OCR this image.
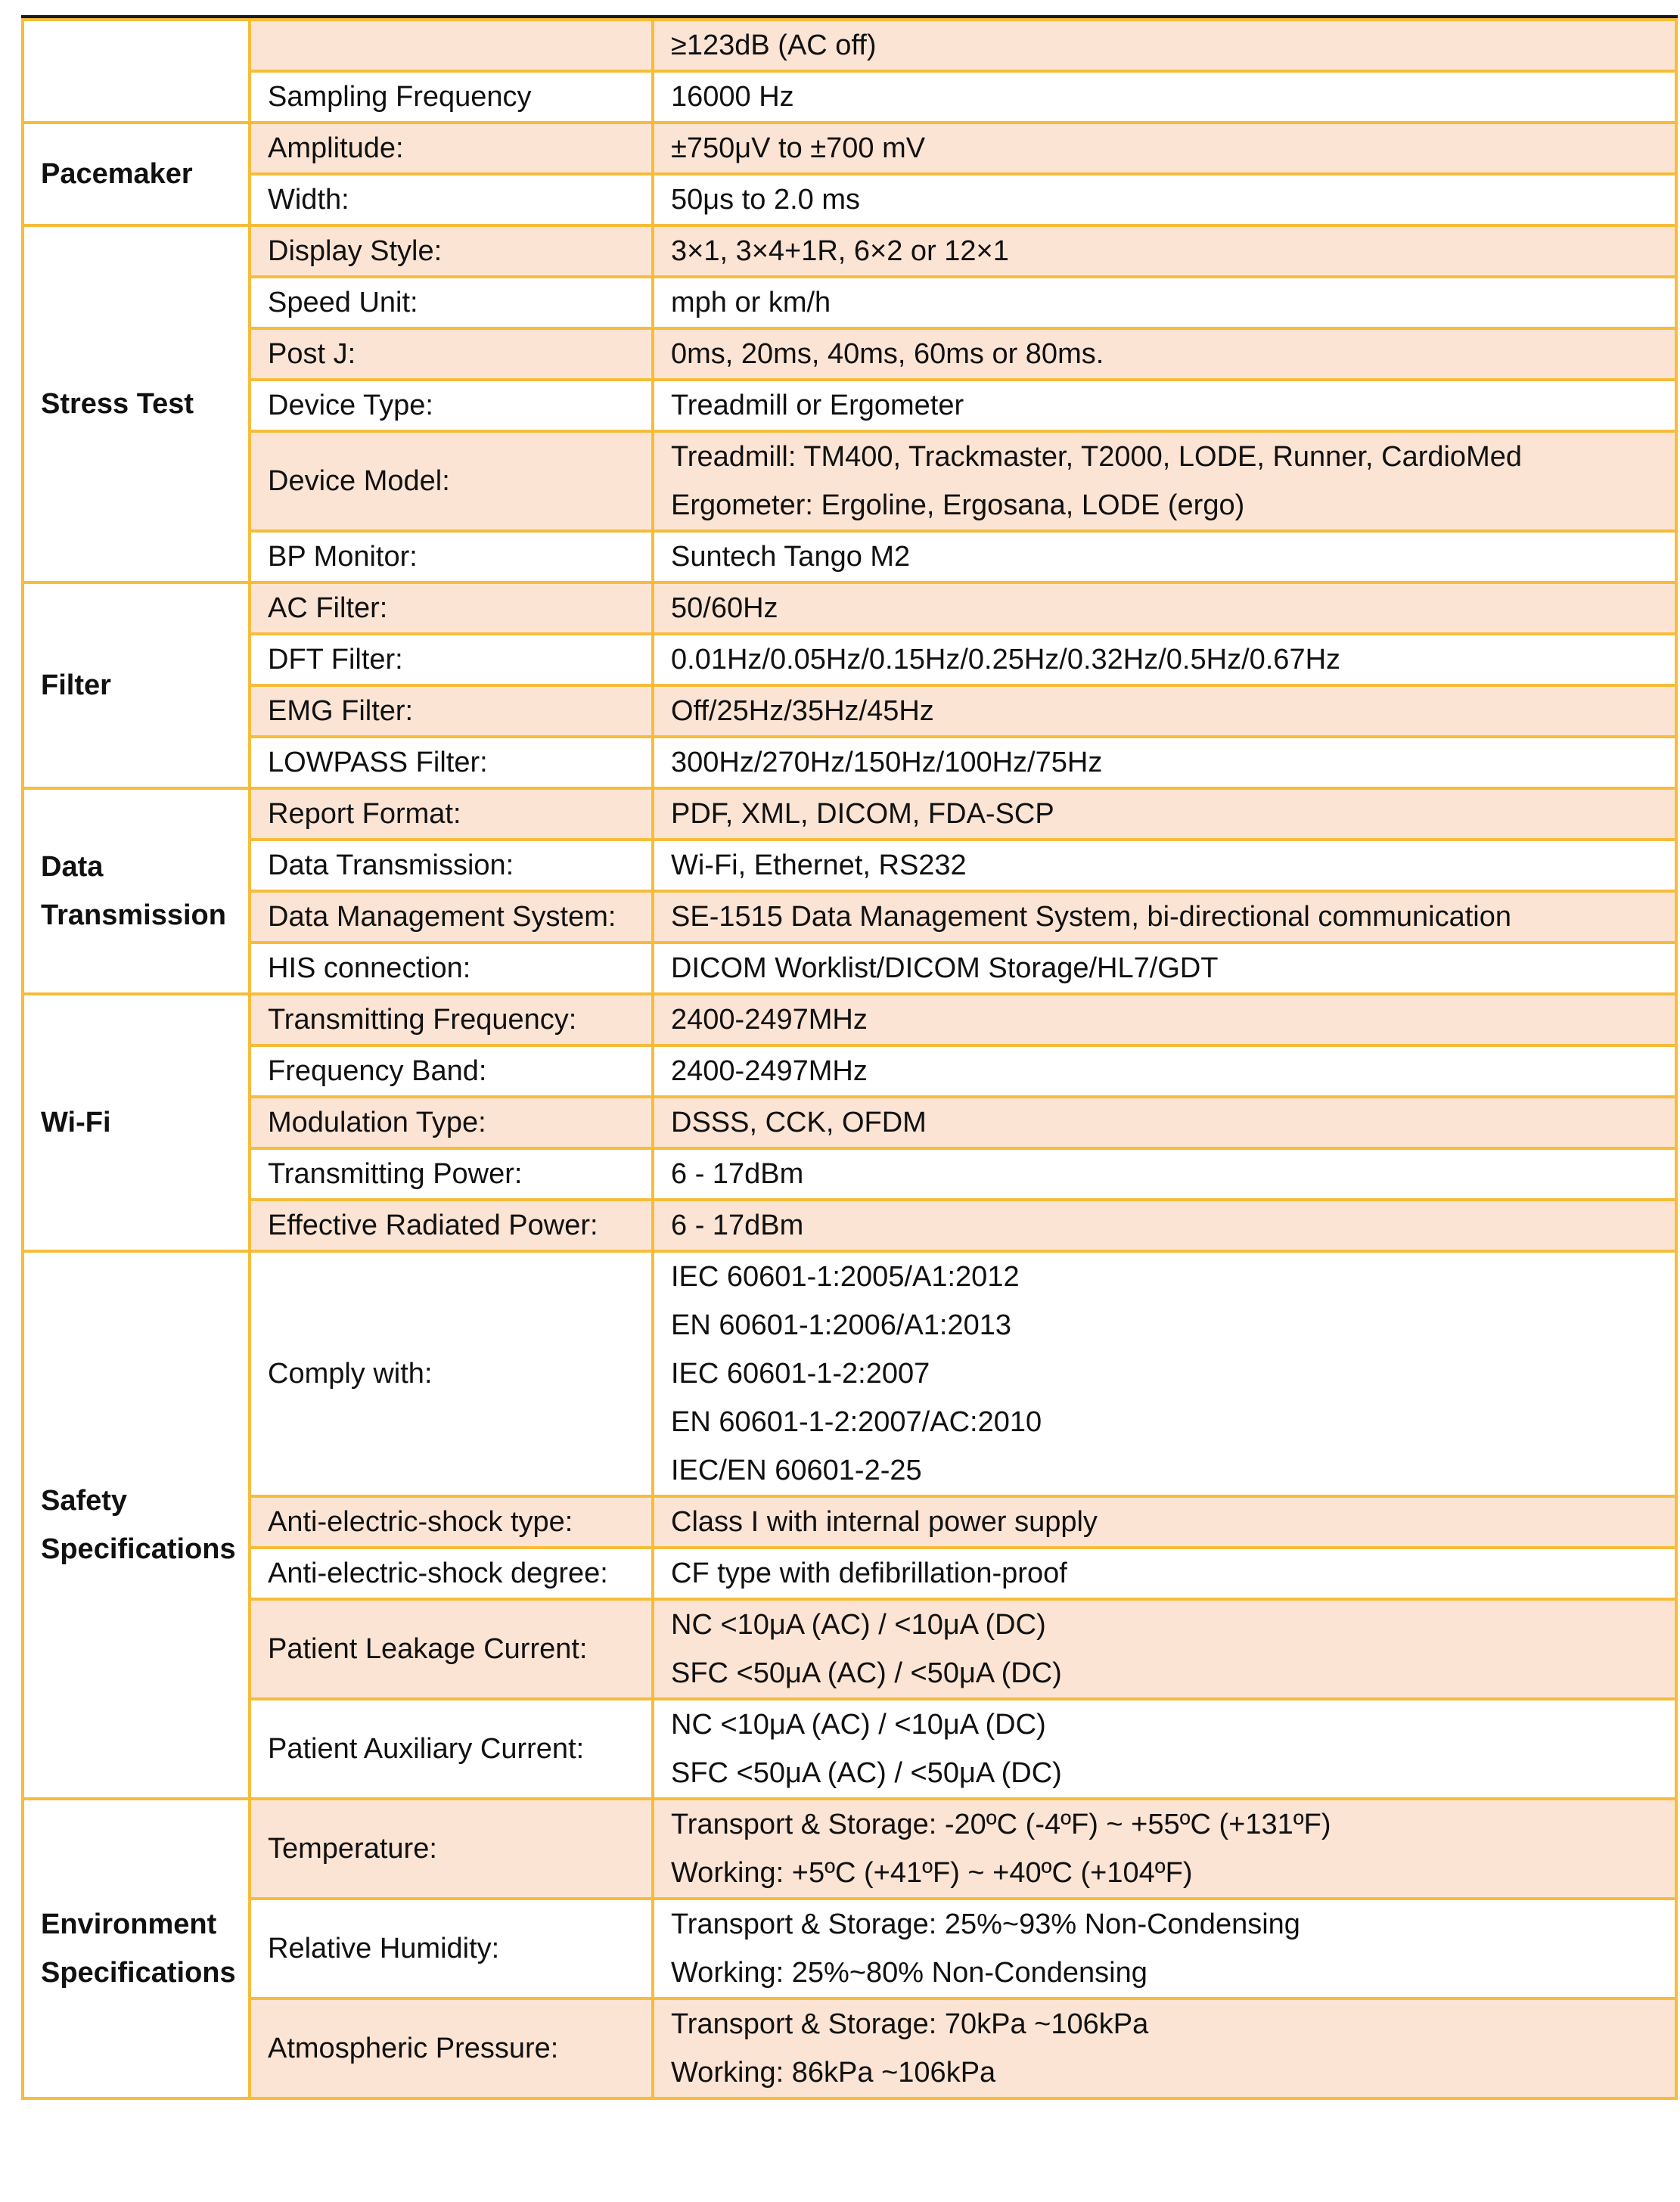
		≥123dB (AC off)

	Sampling Frequency	16000 Hz

Pacemaker	Amplitude:	±750μV to ±700 mV

	Width:	50μs to 2.0 ms

Stress Test	Display Style:	3×1, 3×4+1R, 6×2 or 12×1

	Speed Unit:	mph or km/h

	Post J:	0ms, 20ms, 40ms, 60ms or 80ms.

	Device Type:	Treadmill or Ergometer

	Device Model:	Treadmill: TM400, Trackmaster, T2000, LODE, Runner, CardioMed
Ergometer: Ergoline, Ergosana, LODE (ergo)

	BP Monitor:	Suntech Tango M2

Filter	AC Filter:	50/60Hz

	DFT Filter:	0.01Hz/0.05Hz/0.15Hz/0.25Hz/0.32Hz/0.5Hz/0.67Hz

	EMG Filter:	Off/25Hz/35Hz/45Hz

	LOWPASS Filter:	300Hz/270Hz/150Hz/100Hz/75Hz

Data
Transmission	Report Format:	PDF, XML, DICOM, FDA-SCP

	Data Transmission:	Wi-Fi, Ethernet, RS232

	Data Management System:	SE-1515 Data Management System, bi-directional communication

	HIS connection:	DICOM Worklist/DICOM Storage/HL7/GDT

Wi-Fi	Transmitting Frequency:	2400-2497MHz

	Frequency Band:	2400-2497MHz

	Modulation Type:	DSSS, CCK, OFDM

	Transmitting Power:	6 - 17dBm

	Effective Radiated Power:	6 - 17dBm

Safety
Specifications	Comply with:	IEC 60601-1:2005/A1:2012
EN 60601-1:2006/A1:2013
IEC 60601-1-2:2007
EN 60601-1-2:2007/AC:2010
IEC/EN 60601-2-25

	Anti-electric-shock type:	Class I with internal power supply

	Anti-electric-shock degree:	CF type with defibrillation-proof

	Patient Leakage Current:	NC <10μA (AC) / <10μA (DC)
SFC <50μA (AC) / <50μA (DC)

	Patient Auxiliary Current:	NC <10μA (AC) / <10μA (DC)
SFC <50μA (AC) / <50μA (DC)

Environment
Specifications	Temperature:	Transport & Storage: -20ºC (-4ºF) ~ +55ºC (+131ºF)
Working: +5ºC (+41ºF) ~ +40ºC (+104ºF)

	Relative Humidity:	Transport & Storage: 25%~93% Non-Condensing
Working: 25%~80% Non-Condensing

	Atmospheric Pressure:	Transport & Storage: 70kPa ~106kPa
Working: 86kPa ~106kPa
